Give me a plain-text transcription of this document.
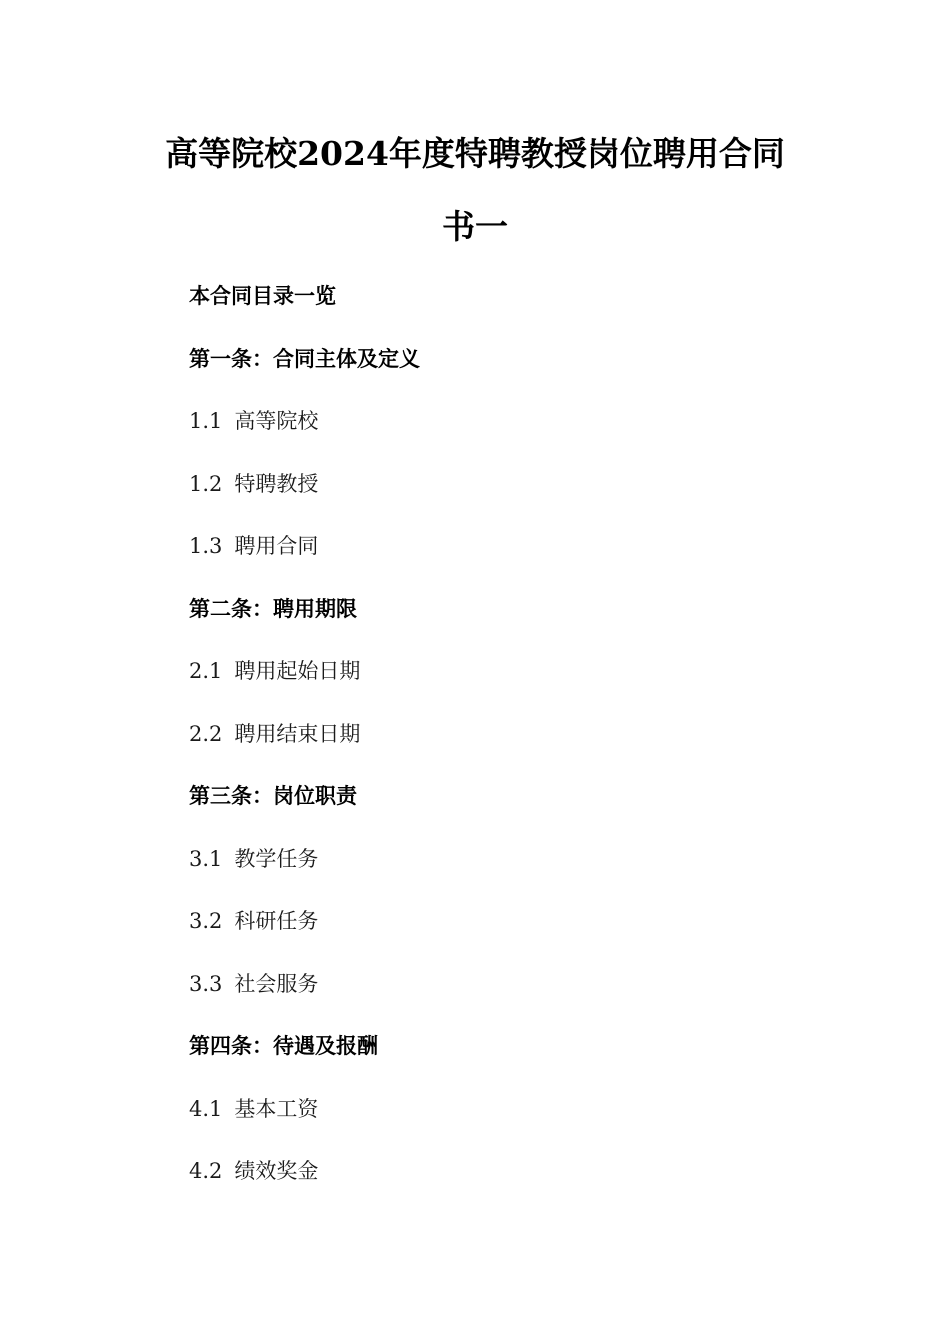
高等院校2024年度特聘教授岗位聘用合同
书一
本合同目录一览
第一条：合同主体及定义
1.1 高等院校
1.2 特聘教授
1.3 聘用合同
第二条：聘用期限
2.1 聘用起始日期
2.2 聘用结束日期
第三条：岗位职责
3.1 教学任务
3.2 科研任务
3.3 社会服务
第四条：待遇及报酬
4.1 基本工资
4.2 绩效奖金
